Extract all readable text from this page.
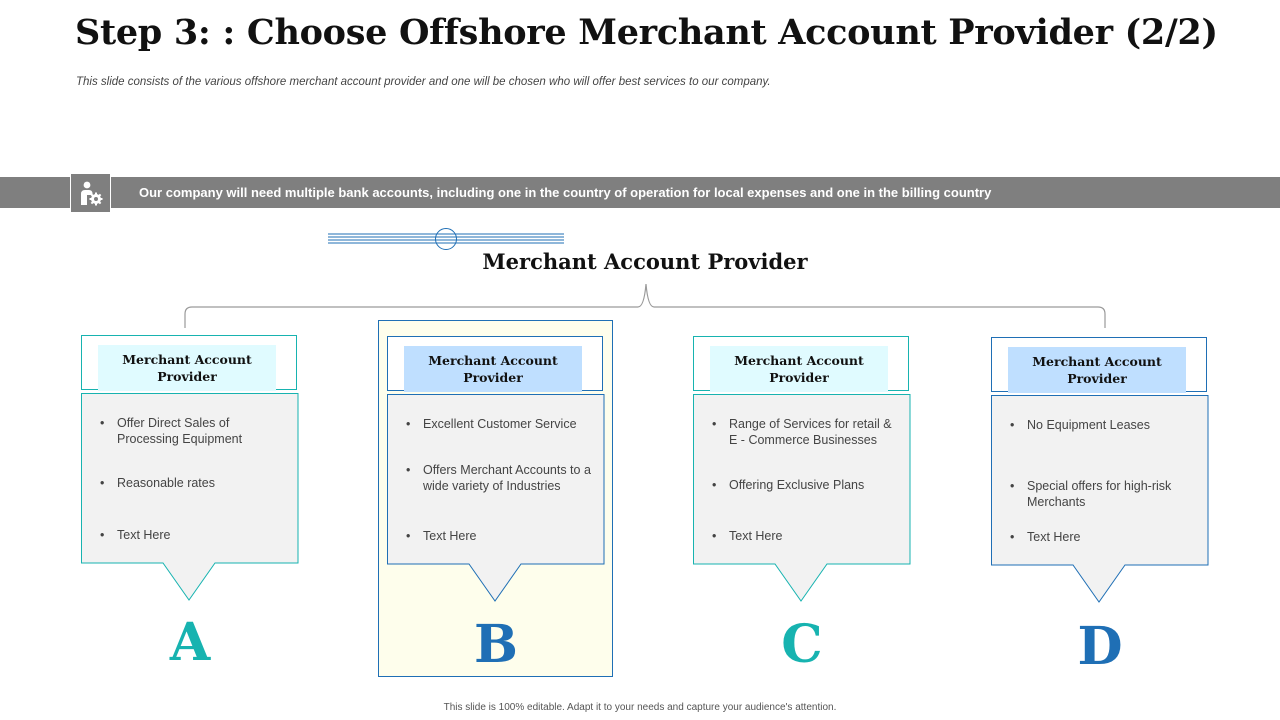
Step 3: : Choose Offshore Merchant Account Provider (2/2)
This slide consists of the various offshore merchant account provider and one will be chosen who will offer best services to our company.
Our company will need multiple bank accounts, including one in the country of operation for local expenses and one in the billing country
Merchant Account Provider
• Offer Direct Sales of Processing Equipment
• Reasonable rates
• Text Here
Merchant Account Provider
A
• Excellent Customer Service
• Offers Merchant Accounts to a wide variety of Industries
• Text Here
Merchant Account Provider
B
• Range of Services for retail & E - Commerce Businesses
• Offering Exclusive Plans
• Text Here
Merchant Account Provider
C
• No Equipment Leases
• Special offers for high-risk Merchants
• Text Here
Merchant Account Provider
D
This slide is 100% editable. Adapt it to your needs and capture your audience's attention.
